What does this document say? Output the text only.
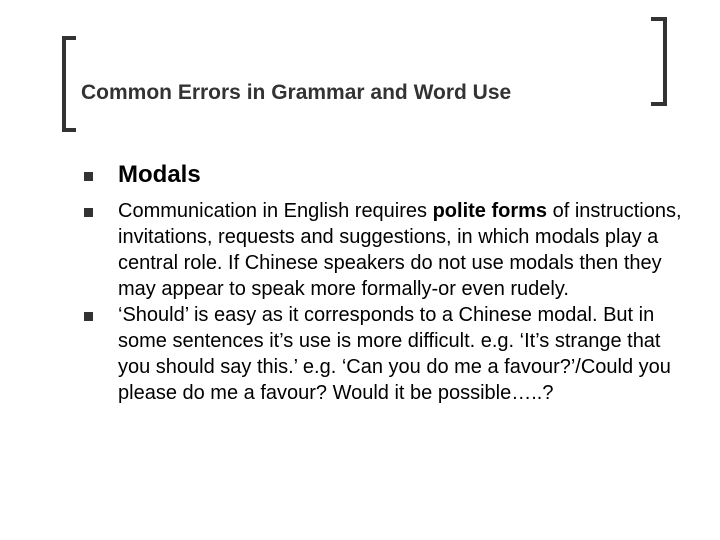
Common Errors in Grammar and Word Use
Modals
Communication in English requires polite forms of instructions, invitations, requests and suggestions, in which modals play a central role. If Chinese speakers do not use modals then they may appear to speak more formally-or even rudely.
‘Should’ is easy as it corresponds to a Chinese modal. But in some sentences it’s use is more difficult. e.g. ‘It’s strange that you should say this.’ e.g. ‘Can you do me a favour?’/Could you please do me a favour? Would it be possible…..?
